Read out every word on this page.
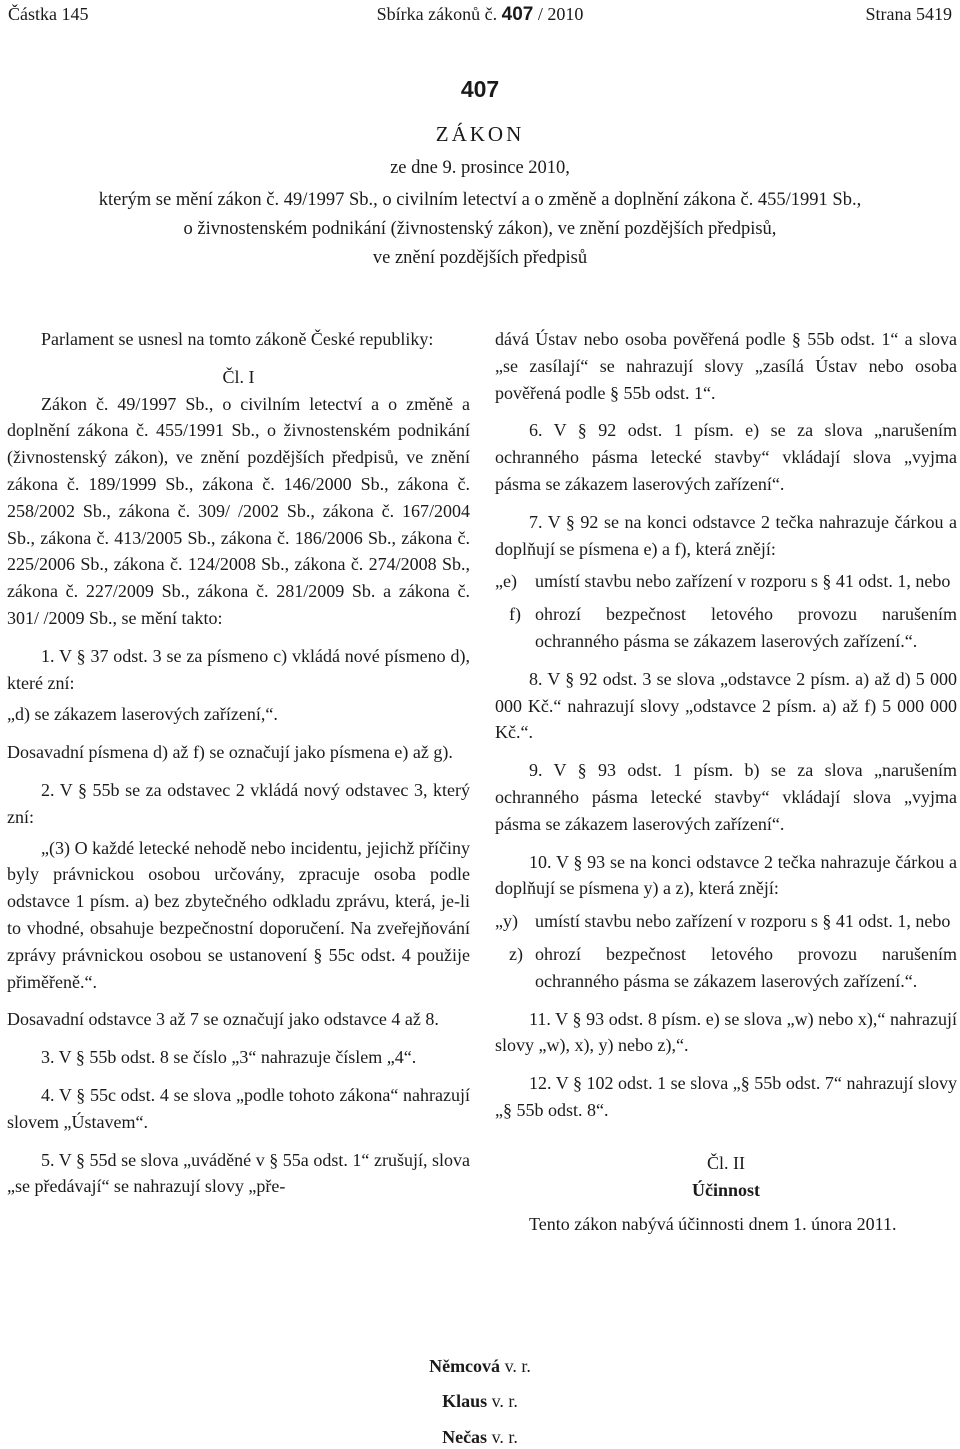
Částka 145	Sbírka zákonů č. 407 / 2010	Strana 5419
407
ZÁKON
ze dne 9. prosince 2010,
kterým se mění zákon č. 49/1997 Sb., o civilním letectví a o změně a doplnění zákona č. 455/1991 Sb.,
o živnostenském podnikání (živnostenský zákon), ve znění pozdějších předpisů,
ve znění pozdějších předpisů

Parlament se usnesl na tomto zákoně České republiky:

Čl. I

Zákon č. 49/1997 Sb., o civilním letectví a o změně a doplnění zákona č. 455/1991 Sb., o živnostenském podnikání (živnostenský zákon), ve znění pozdějších předpisů, ve znění zákona č. 189/1999 Sb., zákona č. 146/2000 Sb., zákona č. 258/2002 Sb., zákona č. 309/ /2002 Sb., zákona č. 167/2004 Sb., zákona č. 413/2005 Sb., zákona č. 186/2006 Sb., zákona č. 225/2006 Sb., zákona č. 124/2008 Sb., zákona č. 274/2008 Sb., zákona č. 227/2009 Sb., zákona č. 281/2009 Sb. a zákona č. 301/ /2009 Sb., se mění takto:

1. V § 37 odst. 3 se za písmeno c) vkládá nové písmeno d), které zní:

„d) se zákazem laserových zařízení,“.

Dosavadní písmena d) až f) se označují jako písmena e) až g).

2. V § 55b se za odstavec 2 vkládá nový odstavec 3, který zní:

„(3) O každé letecké nehodě nebo incidentu, jejichž příčiny byly právnickou osobou určovány, zpracuje osoba podle odstavce 1 písm. a) bez zbytečného odkladu zprávu, která, je-li to vhodné, obsahuje bezpečnostní doporučení. Na zveřejňování zprávy právnickou osobou se ustanovení § 55c odst. 4 použije přiměřeně.“.

Dosavadní odstavce 3 až 7 se označují jako odstavce 4 až 8.

3. V § 55b odst. 8 se číslo „3“ nahrazuje číslem „4“.

4. V § 55c odst. 4 se slova „podle tohoto zákona“ nahrazují slovem „Ústavem“.

5. V § 55d se slova „uváděné v § 55a odst. 1“ zrušují, slova „se předávají“ se nahrazují slovy „pře-

dává Ústav nebo osoba pověřená podle § 55b odst. 1“ a slova „se zasílají“ se nahrazují slovy „zasílá Ústav nebo osoba pověřená podle § 55b odst. 1“.

6. V § 92 odst. 1 písm. e) se za slova „narušením ochranného pásma letecké stavby“ vkládají slova „vyjma pásma se zákazem laserových zařízení“.

7. V § 92 se na konci odstavce 2 tečka nahrazuje čárkou a doplňují se písmena e) a f), která znějí:

„e) umístí stavbu nebo zařízení v rozporu s § 41 odst. 1, nebo
f) ohrozí bezpečnost letového provozu narušením ochranného pásma se zákazem laserových zařízení.“.

8. V § 92 odst. 3 se slova „odstavce 2 písm. a) až d) 5 000 000 Kč.“ nahrazují slovy „odstavce 2 písm. a) až f) 5 000 000 Kč.“.

9. V § 93 odst. 1 písm. b) se za slova „narušením ochranného pásma letecké stavby“ vkládají slova „vyjma pásma se zákazem laserových zařízení“.

10. V § 93 se na konci odstavce 2 tečka nahrazuje čárkou a doplňují se písmena y) a z), která znějí:

„y) umístí stavbu nebo zařízení v rozporu s § 41 odst. 1, nebo
z) ohrozí bezpečnost letového provozu narušením ochranného pásma se zákazem laserových zařízení.“.

11. V § 93 odst. 8 písm. e) se slova „w) nebo x),“ nahrazují slovy „w), x), y) nebo z),“.

12. V § 102 odst. 1 se slova „§ 55b odst. 7“ nahrazují slovy „§ 55b odst. 8“.

Čl. II

Účinnost

Tento zákon nabývá účinnosti dnem 1. února 2011.

Němcová v. r.
Klaus v. r.
Nečas v. r.
